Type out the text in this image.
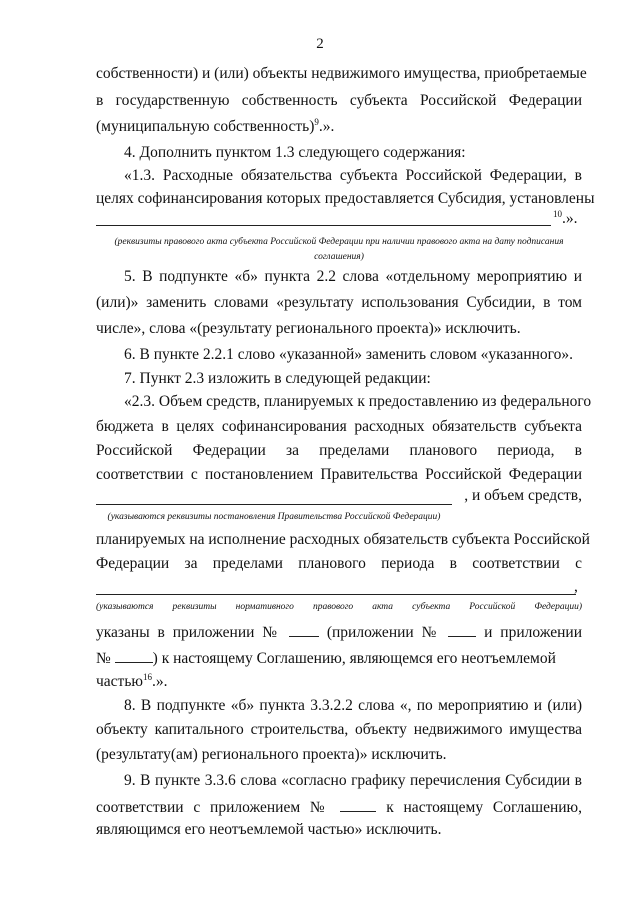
2

собственности) и (или) объекты недвижимого имущества, приобретаемые

в государственную собственность субъекта Российской Федерации

(муниципальную собственность)$^9$.».

4. Дополнить пунктом 1.3 следующего содержания:

«1.3. Расходные обязательства субъекта Российской Федерации, в

целях софинансирования которых предоставляется Субсидия, установлены

$^{10}$.».

(реквизиты правового акта субъекта Российской Федерации при наличии правового акта на дату подписания
соглашения)

5. В подпункте «б» пункта 2.2 слова «отдельному мероприятию и

(или)» заменить словами «результату использования Субсидии, в том

числе», слова «(результату регионального проекта)» исключить.

6. В пункте 2.2.1 слово «указанной» заменить словом «указанного».

7. Пункт 2.3 изложить в следующей редакции:

«2.3. Объем средств, планируемых к предоставлению из федерального

бюджета в целях софинансирования расходных обязательств субъекта

Российской Федерации за пределами планового периода, в

соответствии с постановлением Правительства Российской Федерации

, и объем средств,

(указываются реквизиты постановления Правительства Российской Федерации)

планируемых на исполнение расходных обязательств субъекта Российской

Федерации за пределами планового периода в соответствии с

,

(указываются реквизиты нормативного правового акта субъекта Российской Федерации)

указаны в приложении №	(приложении №	и приложении

№	) к настоящему Соглашению, являющемся его неотъемлемой

частью$^{16}$.».

8. В подпункте «б» пункта 3.3.2.2 слова «, по мероприятию и (или)

объекту капитального строительства, объекту недвижимого имущества

(результату(ам) регионального проекта)» исключить.

9. В пункте 3.3.6 слова «согласно графику перечисления Субсидии в

соответствии с приложением №	к настоящему Соглашению,

являющимся его неотъемлемой частью» исключить.
